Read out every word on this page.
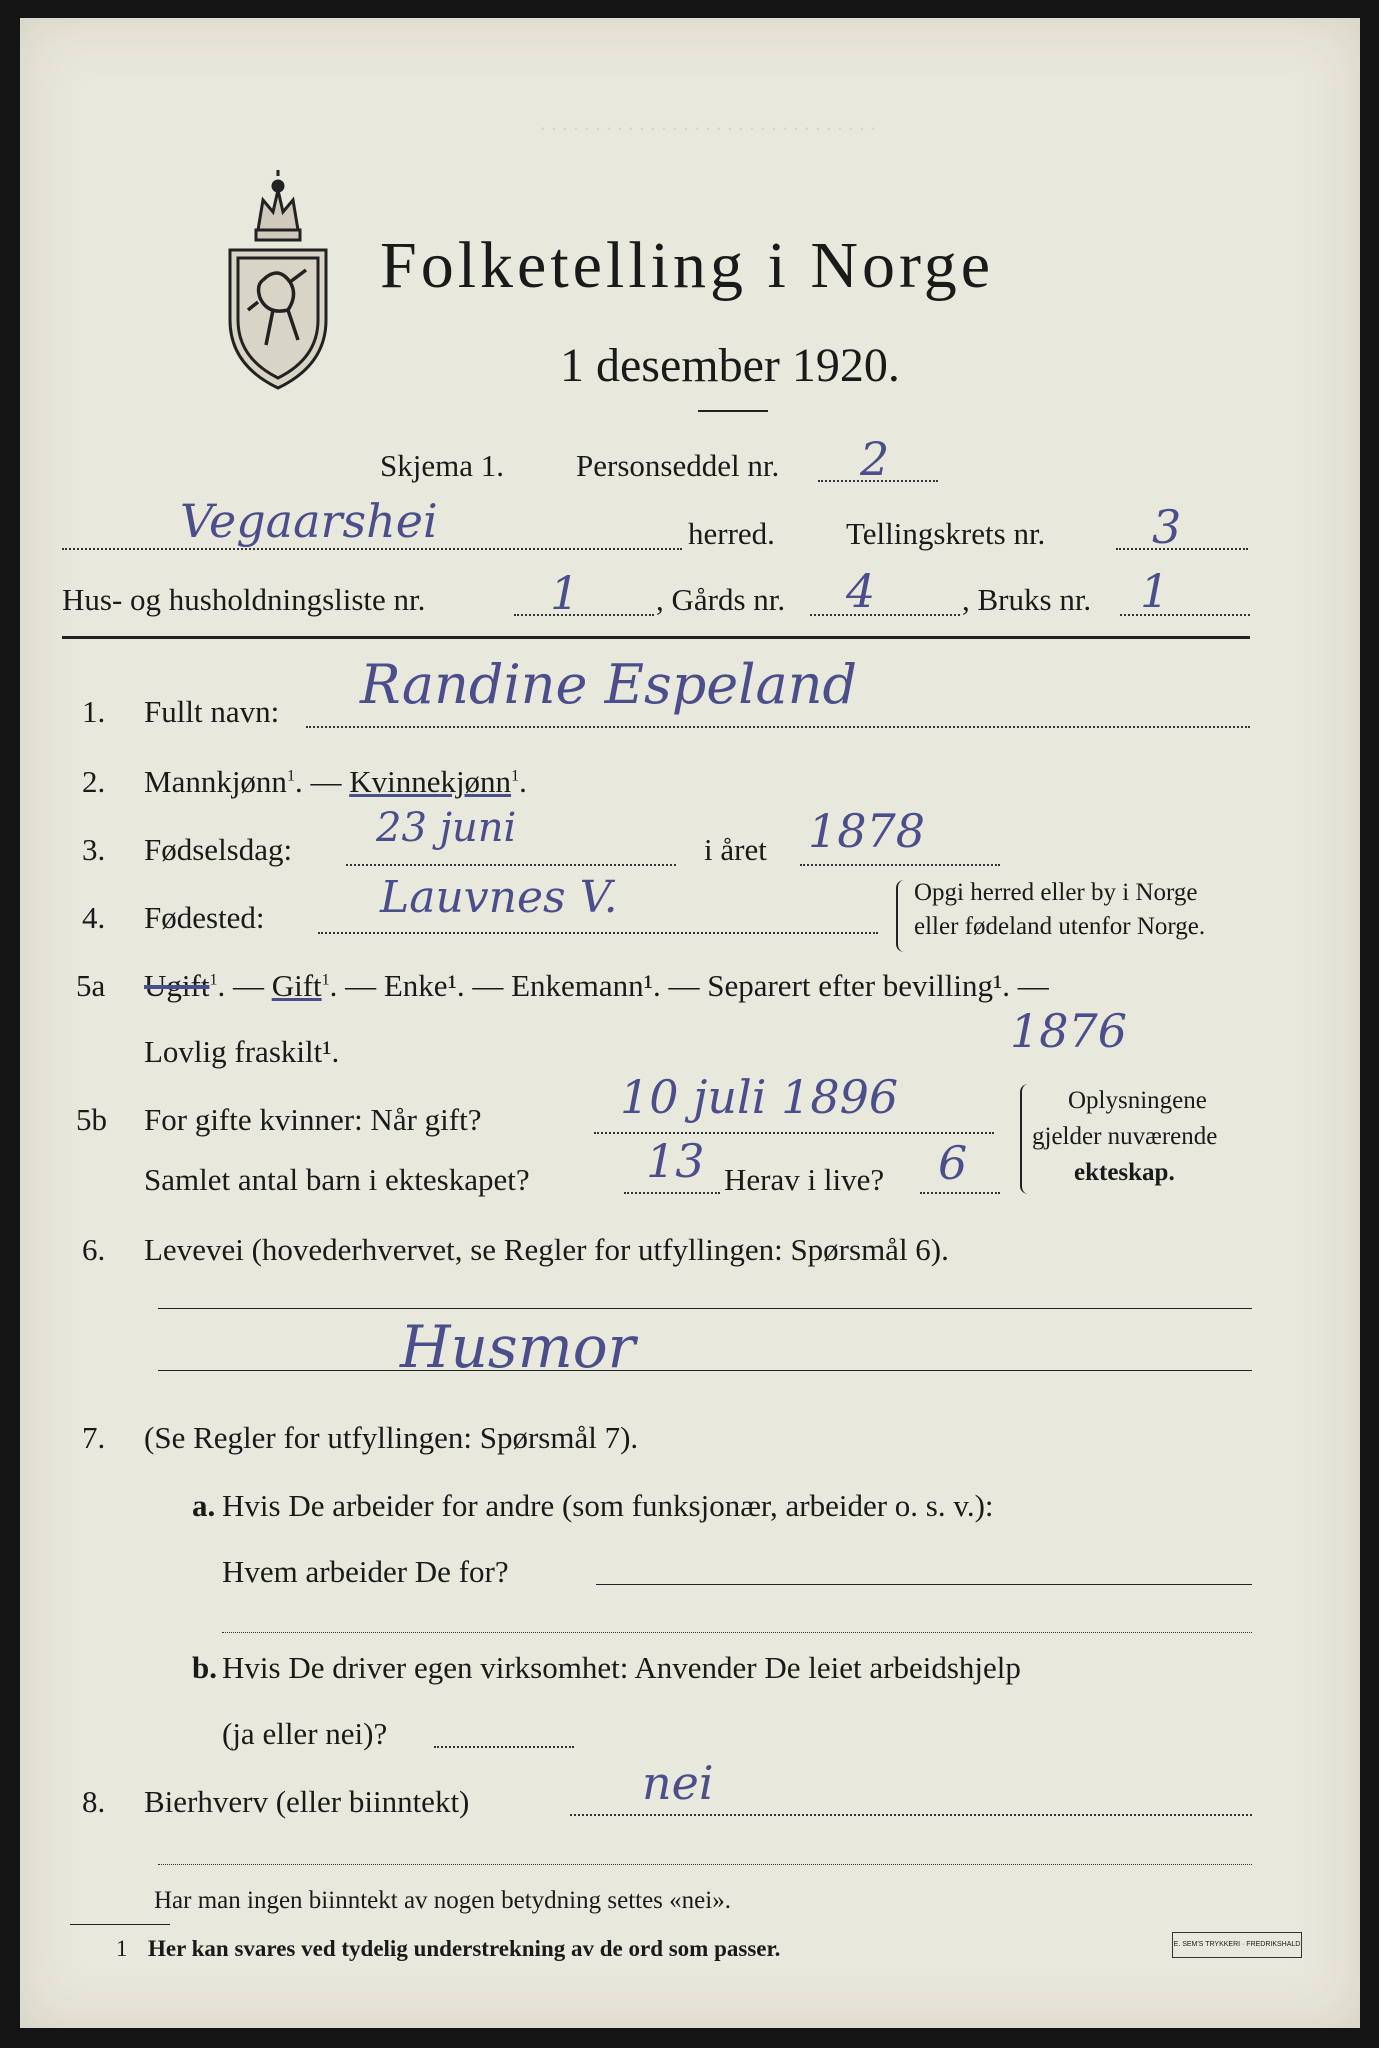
. . . . . . . . . . . . . . . . . . . . . . . . . . . . . . .
Folketelling i Norge
1 desember 1920.
Skjema 1. Personseddel nr. 2
Vegaarshei	herred. Tellingskrets nr. 3
Hus- og husholdningsliste nr.	1 , Gårds nr. 4	, Bruks nr. 1
1. Fullt navn: Randine Espeland
2. Mannkjønn$^1$. — Kvinnekjønn$^1$.
3. Fødselsdag: 23 juni	i året 1878
4. Fødested:	Lauvnes V.	Opgi herred eller by i Norge
eller fødeland utenfor Norge.
5a Ugift$^1$. — Gift$^1$. — Enke¹. — Enkemann¹. — Separert efter bevilling¹. —
Lovlig fraskilt¹.	1876
5b For gifte kvinner: Når gift?	10 juli 1896
Samlet antal barn i ekteskapet?	13 Herav i live? 6
Oplysningene
gjelder nuværende
ekteskap.
6. Levevei (hovederhvervet, se Regler for utfyllingen: Spørsmål 6).
Husmor
7. (Se Regler for utfyllingen: Spørsmål 7).
a. Hvis De arbeider for andre (som funksjonær, arbeider o. s. v.):
Hvem arbeider De for?
b. Hvis De driver egen virksomhet: Anvender De leiet arbeidshjelp
(ja eller nei)?
8. Bierhverv (eller biinntekt)	nei
Har man ingen biinntekt av nogen betydning settes «nei».
1 Her kan svares ved tydelig understrekning av de ord som passer.	E. SEM'S TRYKKERI · FREDRIKSHALD
